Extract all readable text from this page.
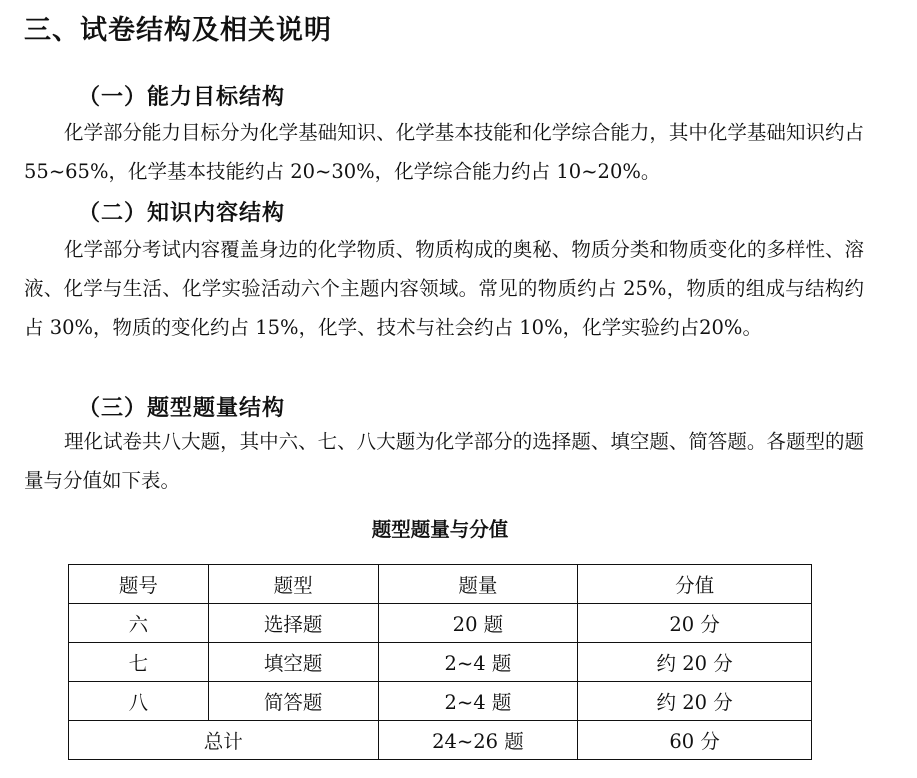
三、试卷结构及相关说明
（一）能力目标结构

化学部分能力目标分为化学基础知识、化学基本技能和化学综合能力，其中化学基础知识约占 55~65%，化学基本技能约占 20~30%，化学综合能力约占 10~20%。

（二）知识内容结构

化学部分考试内容覆盖身边的化学物质、物质构成的奥秘、物质分类和物质变化的多样性、溶液、化学与生活、化学实验活动六个主题内容领域。常见的物质约占 25%，物质的组成与结构约占 30%，物质的变化约占 15%，化学、技术与社会约占 10%，化学实验约占20%。

（三）题型题量结构

理化试卷共八大题，其中六、七、八大题为化学部分的选择题、填空题、简答题。各题型的题量与分值如下表。

题型题量与分值
题号	题型	题量	分值
六	选择题	20 题	20 分
七	填空题	2~4 题	约 20 分
八	简答题	2~4 题	约 20 分
总计		24~26 题	60 分
